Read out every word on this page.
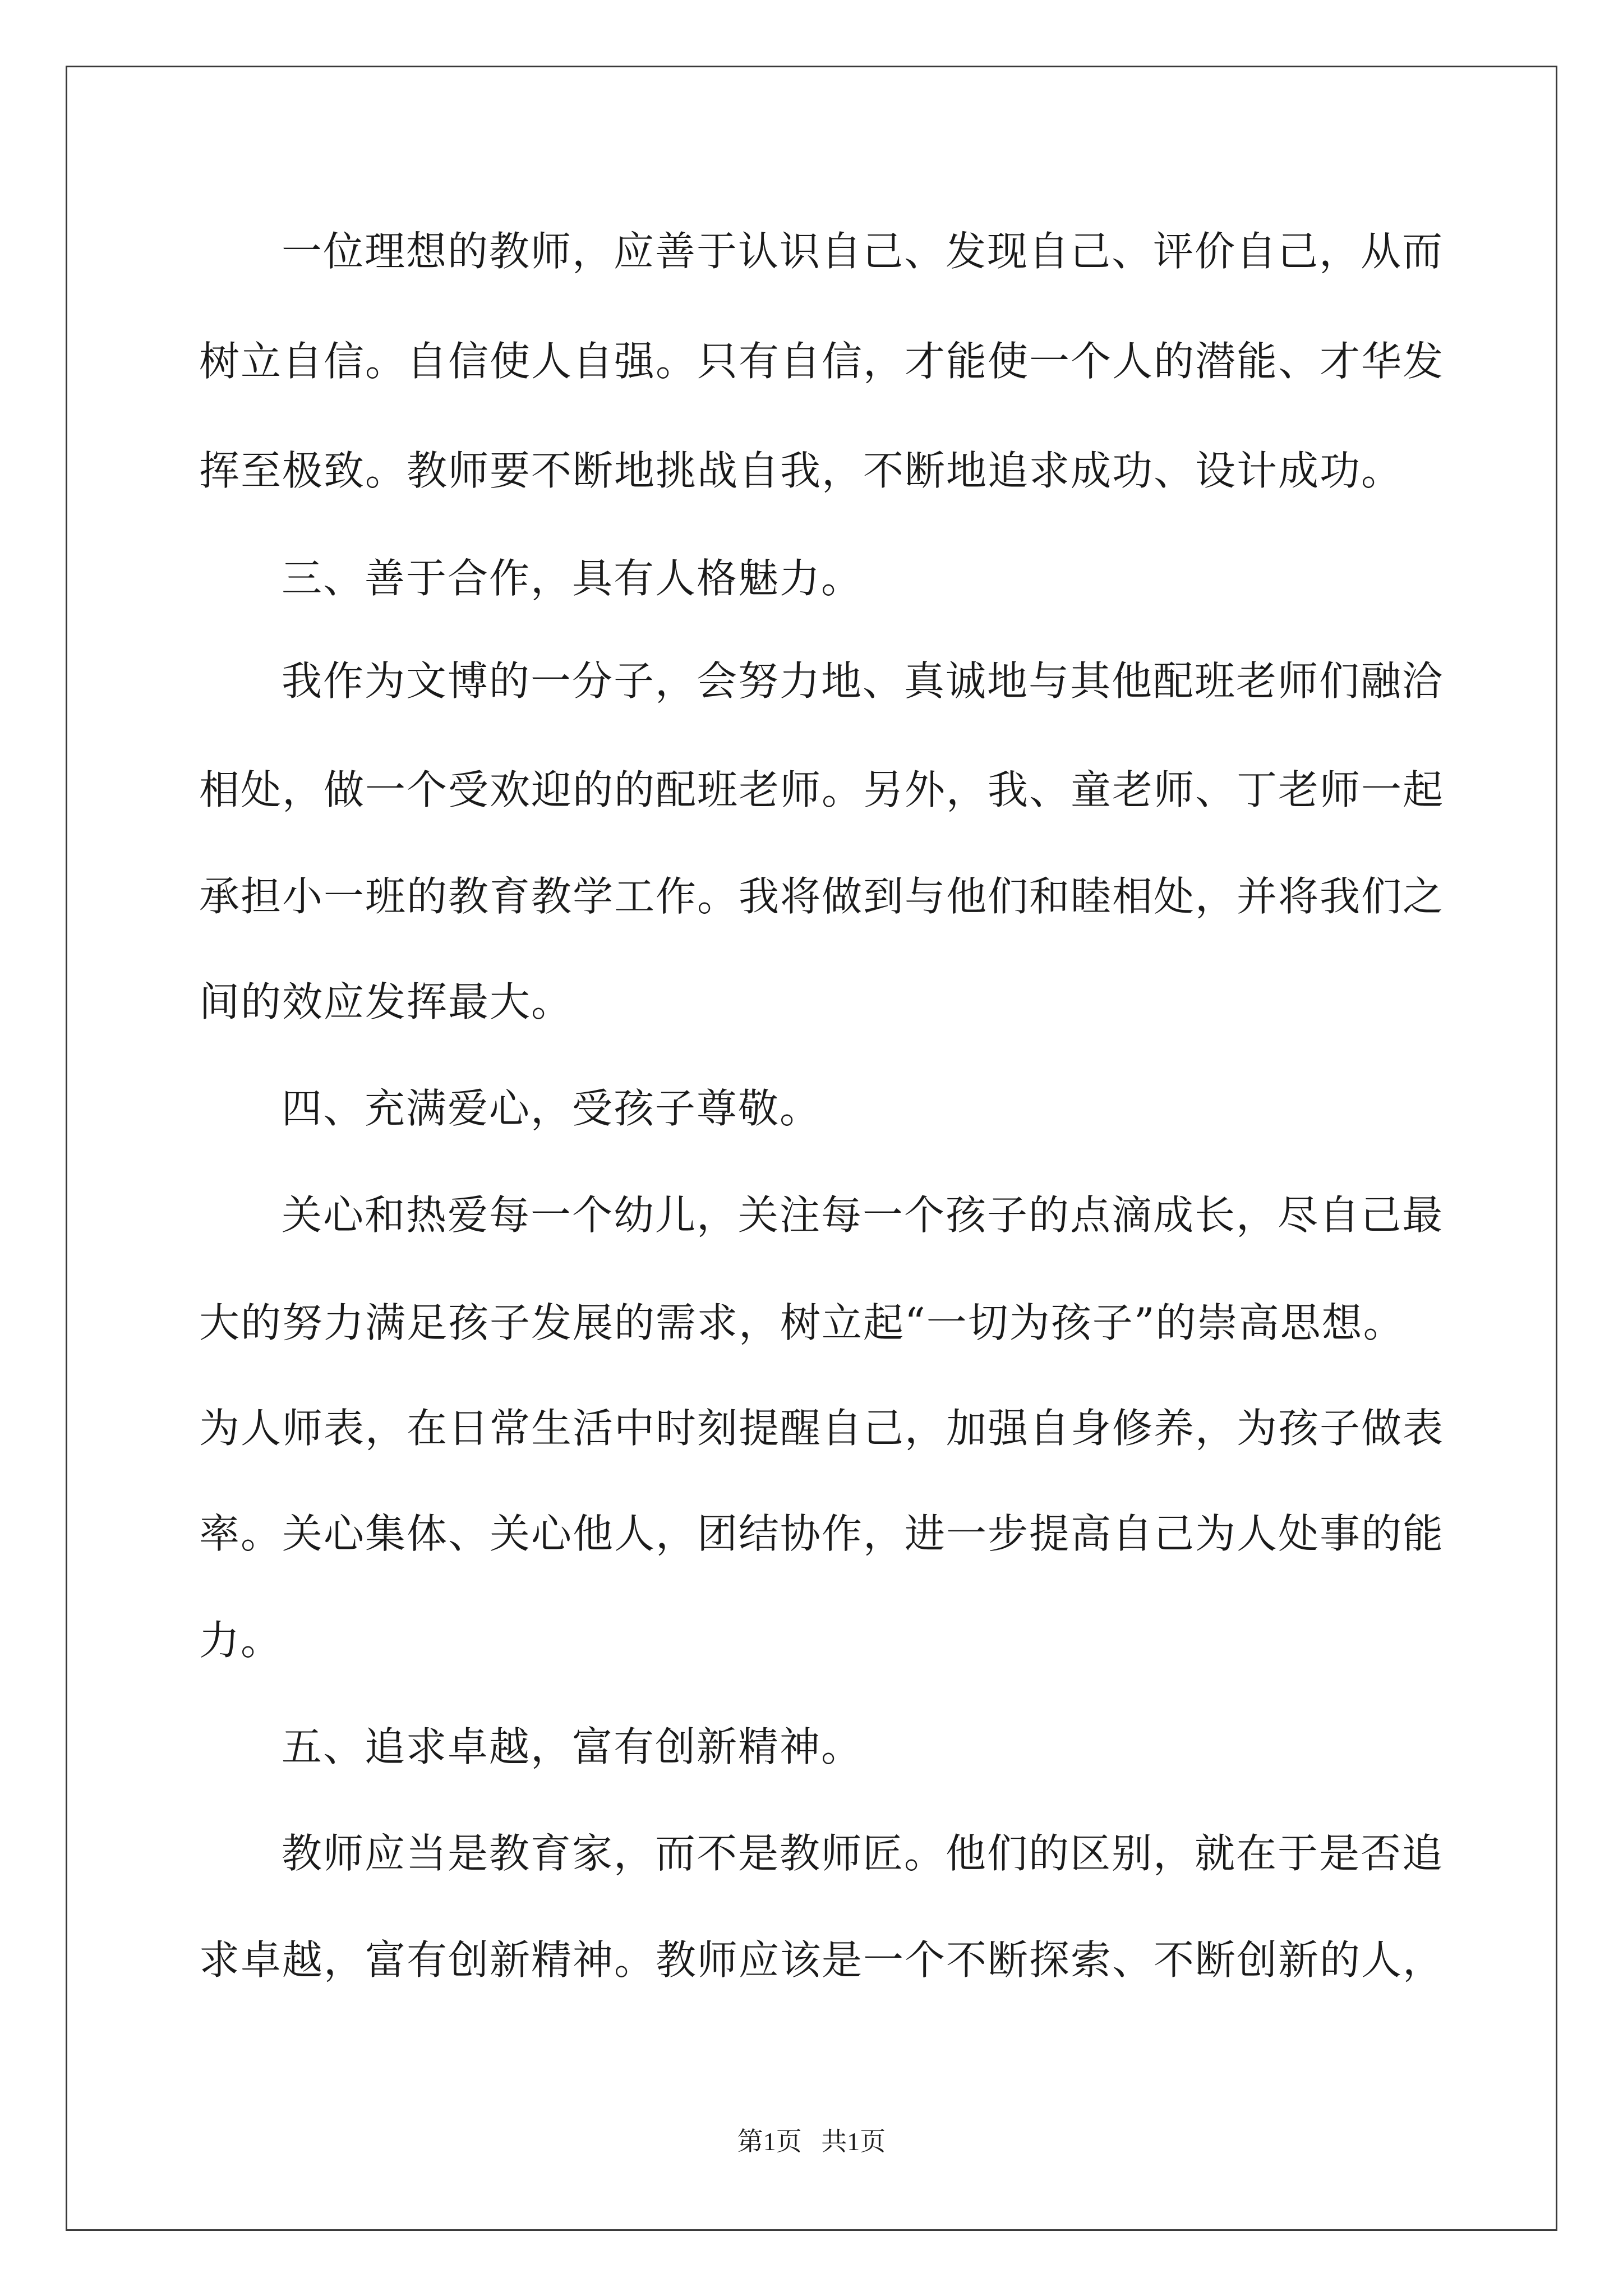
一位理想的教师，应善于认识自己、发现自己、评价自己，从而
树立自信。自信使人自强。只有自信，才能使一个人的潜能、才华发
挥至极致。教师要不断地挑战自我，不断地追求成功、设计成功。
三、善于合作，具有人格魅力。
我作为文博的一分子，会努力地、真诚地与其他配班老师们融洽
相处，做一个受欢迎的的配班老师。另外，我、童老师、丁老师一起
承担小一班的教育教学工作。我将做到与他们和睦相处，并将我们之
间的效应发挥最大。
四、充满爱心，受孩子尊敬。
关心和热爱每一个幼儿，关注每一个孩子的点滴成长，尽自己最
大的努力满足孩子发展的需求，树立起“一切为孩子”的崇高思想。
为人师表，在日常生活中时刻提醒自己，加强自身修养，为孩子做表
率。关心集体、关心他人，团结协作，进一步提高自己为人处事的能
力。
五、追求卓越，富有创新精神。
教师应当是教育家，而不是教师匠。他们的区别，就在于是否追
求卓越，富有创新精神。教师应该是一个不断探索、不断创新的人，
第1页   共1页
